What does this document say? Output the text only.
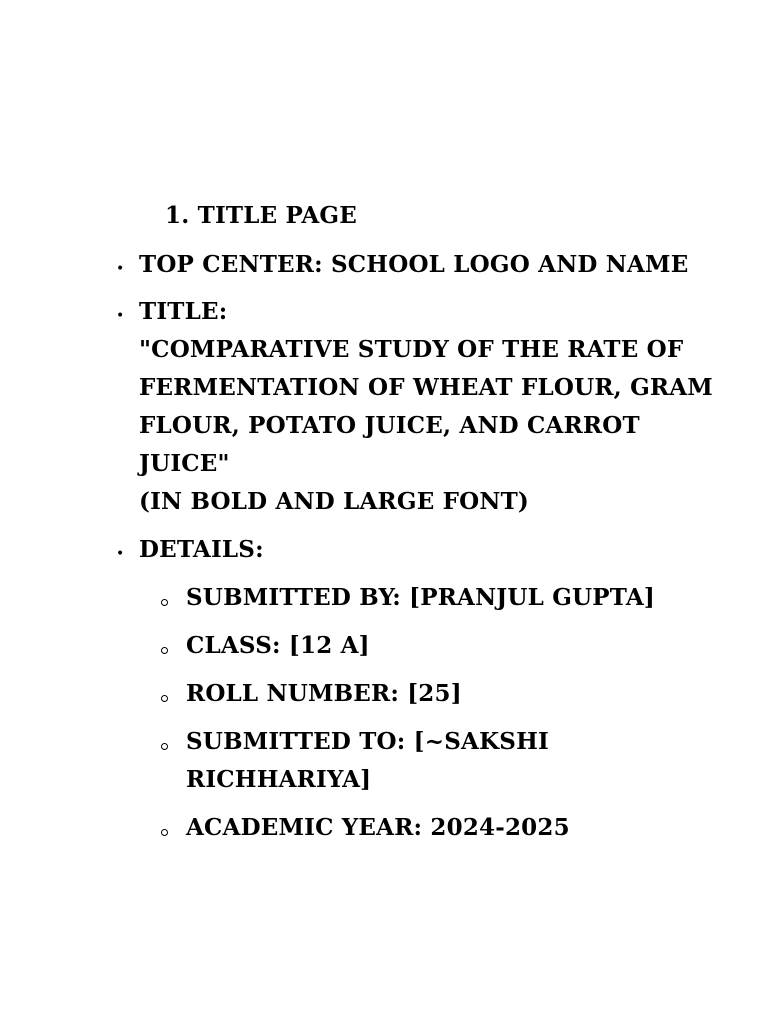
1. TITLE PAGE
• TOP CENTER: SCHOOL LOGO AND NAME
• TITLE:
"COMPARATIVE STUDY OF THE RATE OF
FERMENTATION OF WHEAT FLOUR, GRAM
FLOUR, POTATO JUICE, AND CARROT
JUICE"
(IN BOLD AND LARGE FONT)
• DETAILS:
SUBMITTED BY: [PRANJUL GUPTA]
CLASS: [12 A]
ROLL NUMBER: [25]
SUBMITTED TO: [~SAKSHI
RICHHARIYA]
ACADEMIC YEAR: 2024-2025
